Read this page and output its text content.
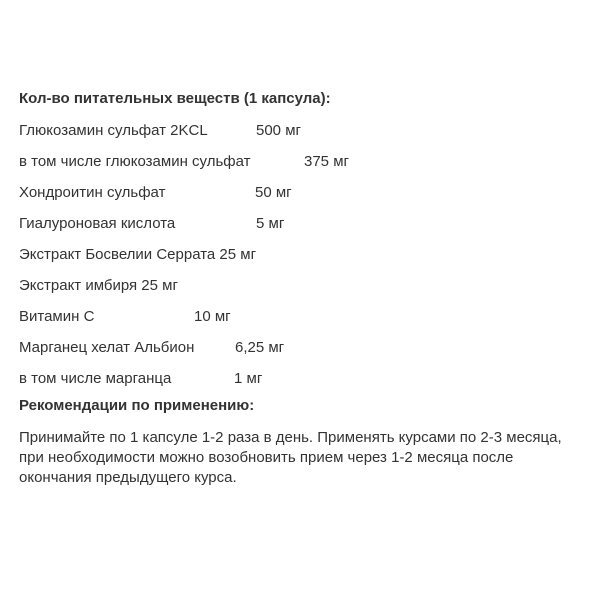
Кол-во питательных веществ (1 капсула):
Глюкозамин сульфат 2KCL	500 мг
в том числе глюкозамин сульфат	375 мг
Хондроитин сульфат	50 мг
Гиалуроновая кислота	5 мг
Экстракт Босвелии Серрата 25 мг
Экстракт имбиря 25 мг
Витамин С	10 мг
Марганец хелат Альбион	6,25 мг
в том числе марганца	1 мг
Рекомендации по применению:

Принимайте по 1 капсуле 1-2 раза в день. Применять курсами по 2-3 месяца, при необходимости можно возобновить прием через 1-2 месяца после окончания предыдущего курса.
